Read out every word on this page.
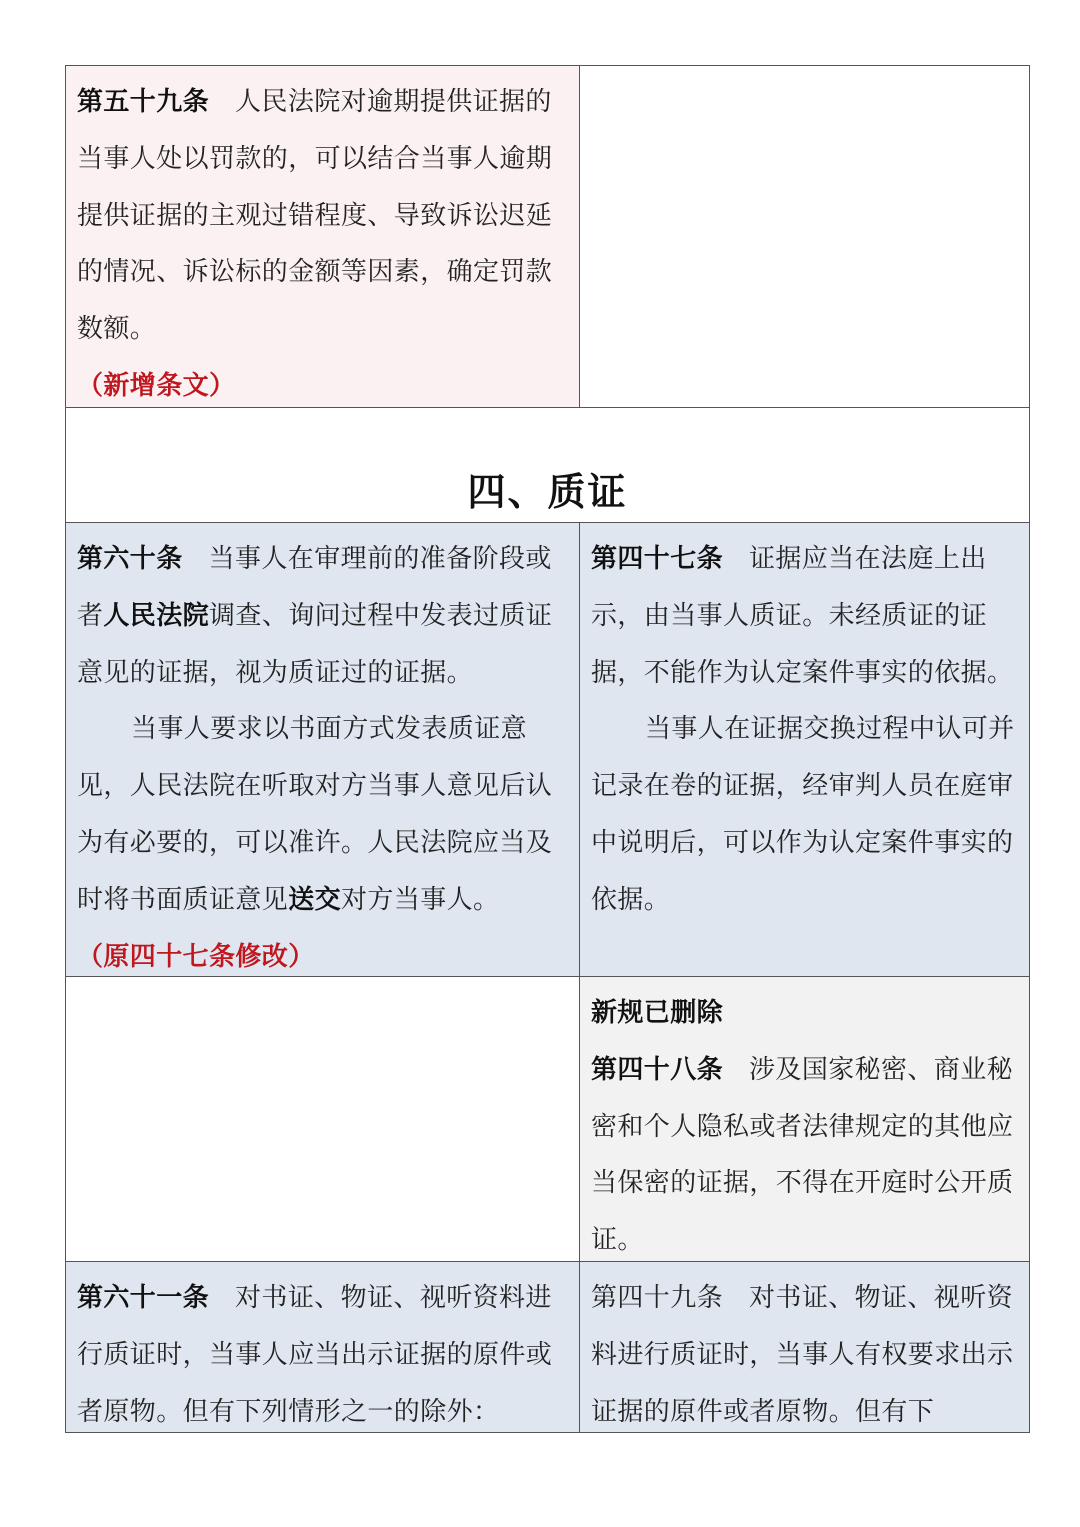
第五十九条 人民法院对逾期提供证据的当事人处以罚款的，可以结合当事人逾期提供证据的主观过错程度、导致诉讼迟延的情况、诉讼标的金额等因素，确定罚款数额。

（新增条文）

四、质证

第六十条 当事人在审理前的准备阶段或者人民法院调查、询问过程中发表过质证意见的证据，视为质证过的证据。

当事人要求以书面方式发表质证意见，人民法院在听取对方当事人意见后认为有必要的，可以准许。人民法院应当及时将书面质证意见送交对方当事人。

（原四十七条修改）

第四十七条 证据应当在法庭上出示，由当事人质证。未经质证的证据，不能作为认定案件事实的依据。

当事人在证据交换过程中认可并记录在卷的证据，经审判人员在庭审中说明后，可以作为认定案件事实的依据。

新规已删除

第四十八条 涉及国家秘密、商业秘密和个人隐私或者法律规定的其他应当保密的证据，不得在开庭时公开质证。

第六十一条 对书证、物证、视听资料进行质证时，当事人应当出示证据的原件或者原物。但有下列情形之一的除外：

第四十九条 对书证、物证、视听资料进行质证时，当事人有权要求出示证据的原件或者原物。但有下
